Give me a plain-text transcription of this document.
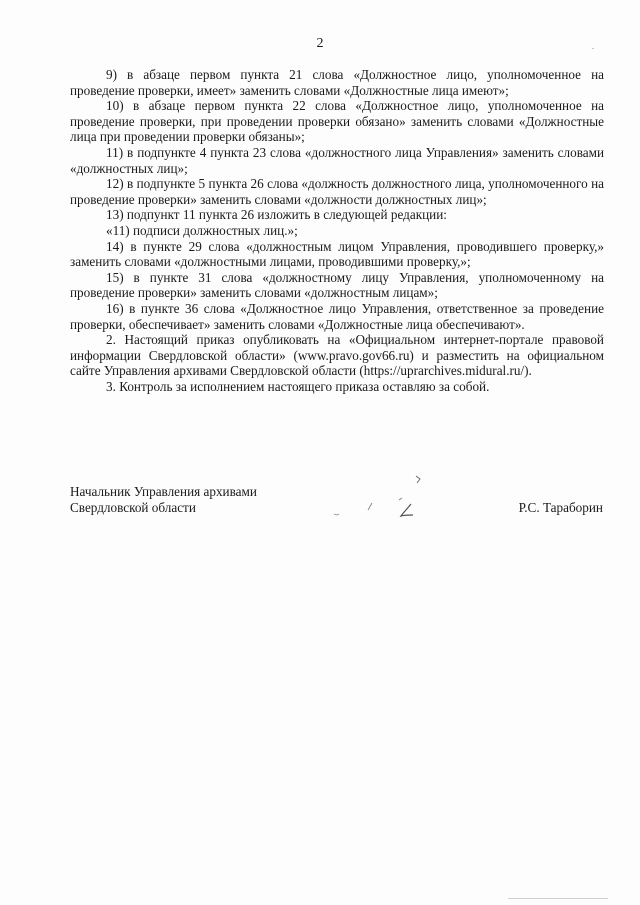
2

9) в абзаце первом пункта 21 слова «Должностное лицо, уполномоченное на проведение проверки, имеет» заменить словами «Должностные лица имеют»;

10) в абзаце первом пункта 22 слова «Должностное лицо, уполномоченное на проведение проверки, при проведении проверки обязано» заменить словами «Должностные лица при проведении проверки обязаны»;

11) в подпункте 4 пункта 23 слова «должностного лица Управления» заменить словами «должностных лиц»;

12) в подпункте 5 пункта 26 слова «должность должностного лица, уполномоченного на проведение проверки» заменить словами «должности должностных лиц»;

13) подпункт 11 пункта 26 изложить в следующей редакции:

«11) подписи должностных лиц.»;

14) в пункте 29 слова «должностным лицом Управления, проводившего проверку,» заменить словами «должностными лицами, проводившими проверку,»;

15) в пункте 31 слова «должностному лицу Управления, уполномоченному на проведение проверки» заменить словами «должностным лицам»;

16) в пункте 36 слова «Должностное лицо Управления, ответственное за проведение проверки, обеспечивает» заменить словами «Должностные лица обеспечивают».

2. Настоящий приказ опубликовать на «Официальном интернет-портале правовой информации Свердловской области» (www.pravo.gov66.ru) и разместить на официальном сайте Управления архивами Свердловской области (https://uprarchives.midural.ru/).

3. Контроль за исполнением настоящего приказа оставляю за собой.

Начальник Управления архивами
Свердловской области	Р.С. Тараборин
